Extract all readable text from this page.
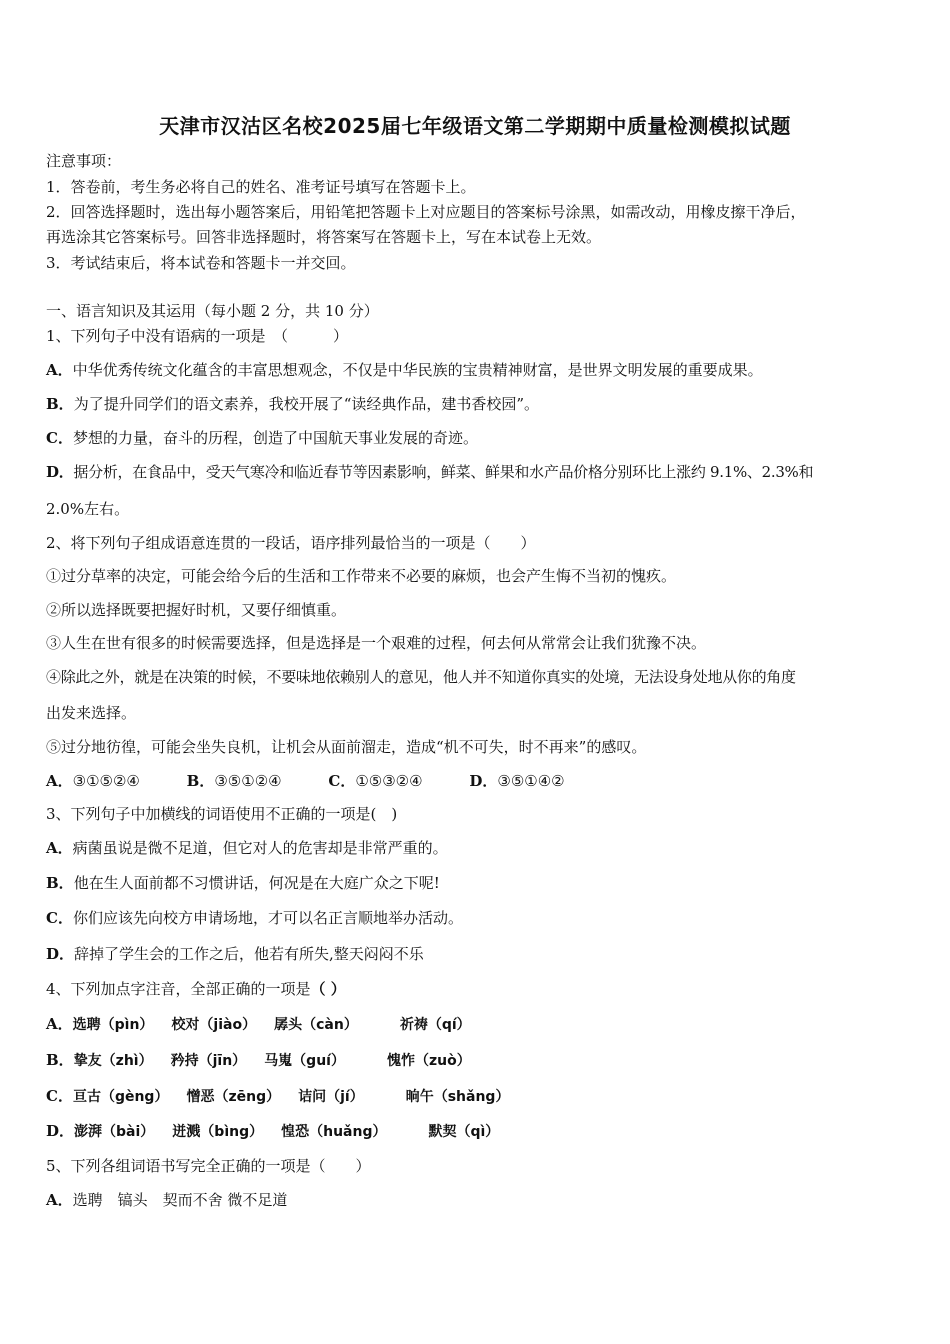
天津市汉沽区名校2025届七年级语文第二学期期中质量检测模拟试题
注意事项：
1．答卷前，考生务必将自己的姓名、准考证号填写在答题卡上。
2．回答选择题时，选出每小题答案后，用铅笔把答题卡上对应题目的答案标号涂黑，如需改动，用橡皮擦干净后，
再选涂其它答案标号。回答非选择题时，将答案写在答题卡上，写在本试卷上无效。
3．考试结束后，将本试卷和答题卡一并交回。
一、语言知识及其运用（每小题 2 分，共 10 分）
1、下列句子中没有语病的一项是　（　　　）
A．中华优秀传统文化蕴含的丰富思想观念，不仅是中华民族的宝贵精神财富，是世界文明发展的重要成果。
B．为了提升同学们的语文素养，我校开展了“读经典作品，建书香校园”。
C．梦想的力量，奋斗的历程，创造了中国航天事业发展的奇迹。
D．据分析，在食品中，受天气寒冷和临近春节等因素影响，鲜菜、鲜果和水产品价格分别环比上涨约 9.1%、2.3%和
2.0%左右。
2、将下列句子组成语意连贯的一段话，语序排列最恰当的一项是（　　）
①过分草率的决定，可能会给今后的生活和工作带来不必要的麻烦，也会产生悔不当初的愧疚。
②所以选择既要把握好时机，又要仔细慎重。
③人生在世有很多的时候需要选择，但是选择是一个艰难的过程，何去何从常常会让我们犹豫不决。
④除此之外，就是在决策的时候，不要味地依赖别人的意见，他人并不知道你真实的处境，无法设身处地从你的角度
出发来选择。
⑤过分地彷徨，可能会坐失良机，让机会从面前溜走，造成“机不可失，时不再来”的感叹。
A．③①⑤②④	B．③⑤①②④	C．①⑤③②④	D．③⑤①④②
3、下列句子中加横线的词语使用不正确的一项是(　)
A．病菌虽说是微不足道，但它对人的危害却是非常严重的。
B．他在生人面前都不习惯讲话，何况是在大庭广众之下呢!
C．你们应该先向校方申请场地，才可以名正言顺地举办活动。
D．辞掉了学生会的工作之后，他若有所失,整天闷闷不乐
4、下列加点字注音，全部正确的一项是（ ）
A．选聘（pìn） 校对（jiào） 孱头（càn）	祈祷（qí）
B．挚友（zhì） 矜持（jīn） 马嵬（guí）	愧怍（zuò）
C．亘古（gèng） 憎恶（zēng） 诘问（jí）	晌午（shǎng）
D．澎湃（bài） 迸溅（bìng） 惶恐（huǎng）	默契（qì）
5、下列各组词语书写完全正确的一项是（　　）
A．选聘　镐头　契而不舍 微不足道
